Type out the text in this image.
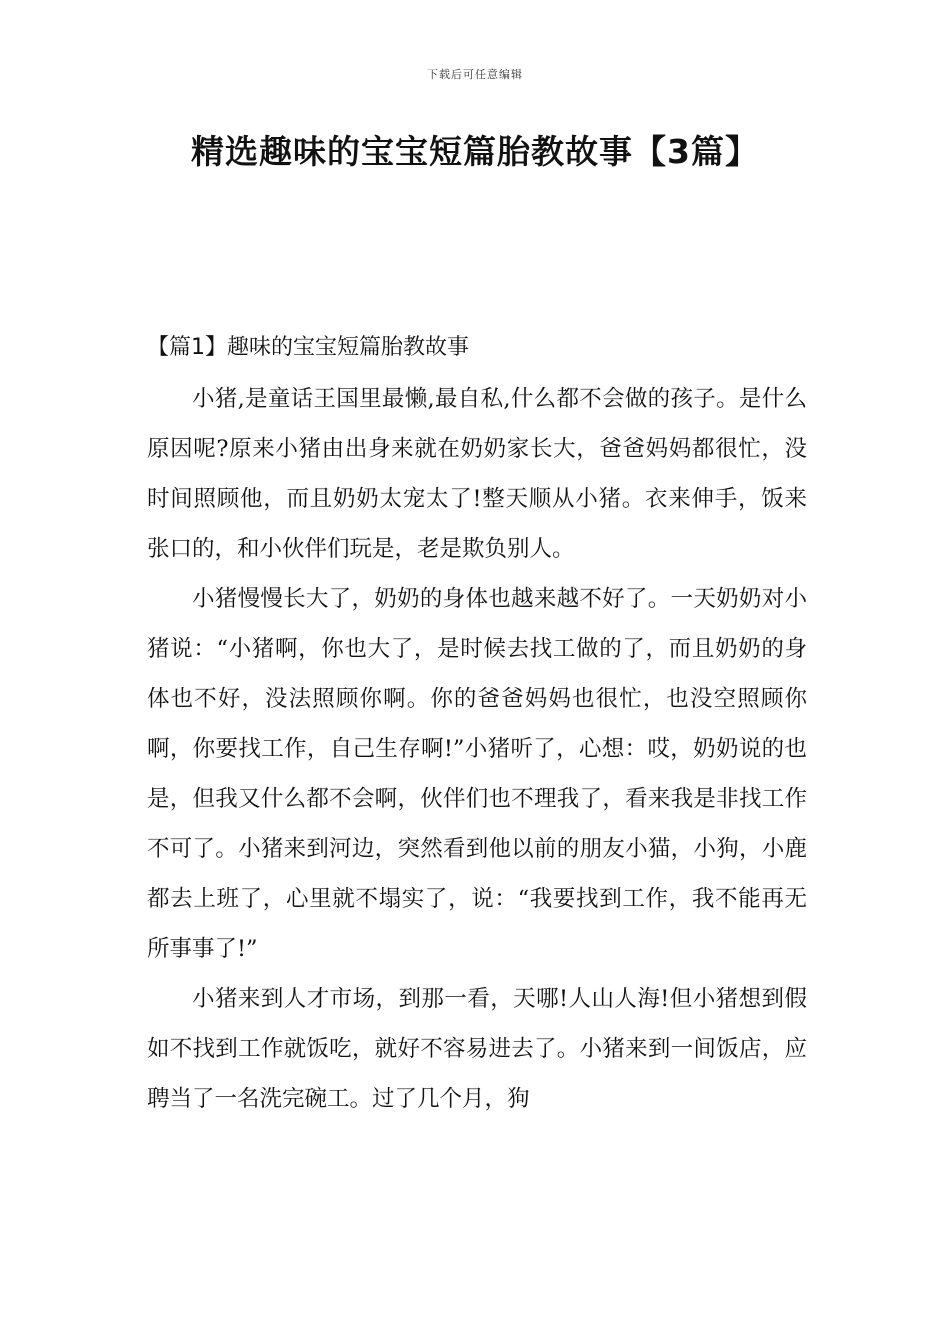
下载后可任意编辑
精选趣味的宝宝短篇胎教故事【3篇】
【篇1】趣味的宝宝短篇胎教故事

小猪,是童话王国里最懒,最自私,什么都不会做的孩子。是什么原因呢?原来小猪由出身来就在奶奶家长大，爸爸妈妈都很忙，没时间照顾他，而且奶奶太宠太了!整天顺从小猪。衣来伸手，饭来张口的，和小伙伴们玩是，老是欺负别人。

小猪慢慢长大了，奶奶的身体也越来越不好了。一天奶奶对小猪说：“小猪啊，你也大了，是时候去找工做的了，而且奶奶的身体也不好，没法照顾你啊。你的爸爸妈妈也很忙，也没空照顾你啊，你要找工作，自己生存啊!”小猪听了，心想：哎，奶奶说的也是，但我又什么都不会啊，伙伴们也不理我了，看来我是非找工作不可了。小猪来到河边，突然看到他以前的朋友小猫，小狗，小鹿都去上班了，心里就不塌实了，说：“我要找到工作，我不能再无所事事了!”

小猪来到人才市场，到那一看，天哪!人山人海!但小猪想到假如不找到工作就饭吃，就好不容易进去了。小猪来到一间饭店，应聘当了一名洗完碗工。过了几个月，狗
